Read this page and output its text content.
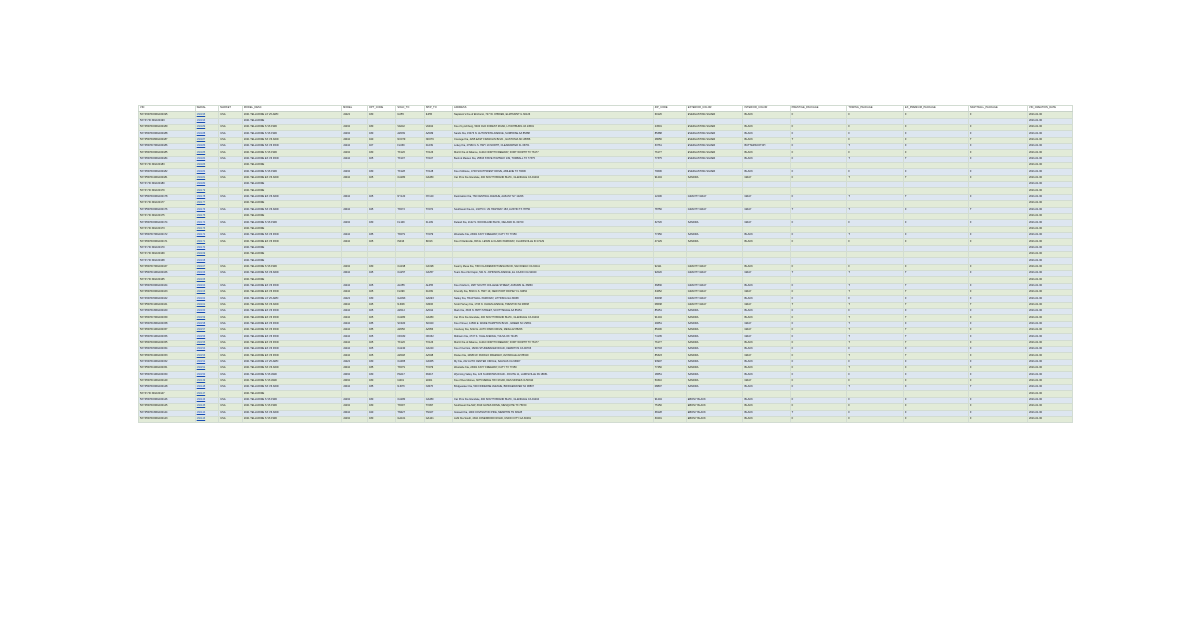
VIN	SERIAL	MARKET	MODEL_DESC	MODEL	OPT_CODE	SOLD_TO	SHIP_TO	ADDRESS	ZIP_CODE	EXTERIOR_COLOR	INTERIOR_COLOR	PRESTIGE_PACKAGE	TOWING_PACKAGE	EX_PREMIUM_PACKAGE	NIGHTFALL_PACKAGE	VIN_CREATION_DATE
5XYP2DHC6MG160195	160195	USA	2021 TELLURIDE LX V6 AWD	J4222	030	IL055	IL055	Napleton's Kia of Elmhurst, 727 W. O'BRIEN, ELMHURST IL 60126	60126	EVERLASTING SILVER	BLACK	F	F	F	F	2021-01-30
5XYP..HC MG160193	160193		2021 TELLURIDE													2021-01-30
5XYP6DHC6MG160189	160189	USA	2021 TELLURIDE S V6 FWD	J4232	030	VA042	VA042	Kia of Lynchburg, 5400 OLD FOREST ROAD, LYNCHBURG VA 24501	24501	EVERLASTING SILVER	BLACK	F	F	F	F	2021-01-30
5XYP6DHC6MG160188	160188	USA	2021 TELLURIDE S V6 FWD	J4232	030	AZ039	AZ039	Sands Kia, 15476 N. AUTOSHOW AVENUE, SURPRISE AZ 85388	85388	EVERLASTING SILVER	BLACK	F	F	F	F	2021-01-30
5XYP5DHC8MG160187	160187	USA	2021 TELLURIDE SX V6 AWD	J4042	040	NC079	NC079	Courage Kia, 4295 EAST FRANKLIN BLVD., GASTONIA NC 28056	28056	EVERLASTING SILVER	BLACK	T	F	F	T	2021-01-30
5XYP6DHC7MG160186	160186	USA	2021 TELLURIDE SX V6 FWD	J4242	027	FL039	FL039	Lokey Kia, 27960 U.S. HWY 19 NORTH, CLEARWATER FL 33761	33761	EVERLASTING SILVER	BUTTERSCOTCH	F	T	F	F	2021-01-30
5XYP6DHC6MG160185	160185	USA	2021 TELLURIDE S V6 FWD	J4232	030	TX126	TX126	Moritz Kia of Alliance, 11210 NORTH FREEWAY, FORT WORTH TX 76177	76177	EVERLASTING SILVER	BLACK	F	F	F	F	2021-01-30
5XYP6DHC6MG160184	160184	USA	2021 TELLURIDE EX V6 FWD	J4242	025	TX107	TX107	Beck & Masten Kia, 25503 STATE HIGHWAY 249, TOMBALL TX 77375	77375	EVERLASTING SILVER	BLACK	F	T	T	F	2021-01-30
5XYP..HC MG160183	160183		2021 TELLURIDE													2021-01-30
5XYP6DHC6MG160182	160182	USA	2021 TELLURIDE S V6 FWD	J4232	030	TX128	TX128	Kia of Abilene, 4703 SOUTHWEST DRIVE, ABILENE TX 79606	79606	EVERLASTING SILVER	BLACK	F	F	F	F	2021-01-30
5XYP5DHC4MG160181	160181	USA	2021 TELLURIDE EX V6 AWD	J4042	025	CA280	CA280	Car Pros Kia Glendale, 400 SOUTH BRAND BLVD., GLENDALE CA 91204	91204	SANDRA	GRAY	F	T	T	F	2021-01-30
5XYP..HC MG160180	160180		2021 TELLURIDE													2021-01-30
5XYP..HC MG160179	160179		2021 TELLURIDE													2021-01-30
5XYP5DHC0MG160178	160178	USA	2021 TELLURIDE EX V6 AWD	J4042	025	NY120	NY120	Destination Kia, 760 CENTRAL AVENUE, ALBANY NY 12206	12206	GRAVITY GRAY	GRAY	F	T	T	F	2021-01-30
5XYP..HC MG160177	160177		2021 TELLURIDE													2021-01-30
5XYP5DHC6MG160176	160176	USA	2021 TELLURIDE SX V6 AWD	J4042	045	TX072	TX072	Southwest Kia-AL, 13275 N. US HIGHWAY 183, AUSTIN TX 78750	78750	GRAVITY GRAY	GRAY	T	T	F	T	2021-01-30
5XYP..HC MG160175	160175		2021 TELLURIDE													2021-01-30
5XYP6DHC6MG160174	160174	USA	2021 TELLURIDE S V6 FWD	J4232	030	FL109	FL109	Deland Kia, 2122 S. WOODLAND BLVD., DELAND FL 32720	32720	SANDRA	GRAY	F	F	F	F	2021-01-30
5XYP..HC MG160173	160173		2021 TELLURIDE													2021-01-30
5XYP6DHC7MG160172	160172	USA	2021 TELLURIDE SX V6 FWD	J4242	035	TX079	TX079	Westside Kia, 23001 KATY FREEWAY, KATY TX 77450	77450	SANDRA	BLACK	F	T	F	F	2021-01-30
5XYP6DHC6MG160171	160171	USA	2021 TELLURIDE EX V6 FWD	J4242	025	IN016	IN016	Kia of Clarksville, 826 E. LEWIS & CLARK PARKWAY, CLARKSVILLE IN 47129	47129	SANDRA	BLACK	F	F	F	F	2021-01-30
5XYP..HC MG160170	160170		2021 TELLURIDE													2021-01-30
5XYP..HC MG160169	160169		2021 TELLURIDE													2021-01-30
5XYP..HC MG160168	160168		2021 TELLURIDE													2021-01-30
5XYP6DHC7MG160167	160167	USA	2021 TELLURIDE S V6 FWD	J4232	030	CA198	CA198	Kearny Mesa Kia, 7303 CLAIREMONT MESA BLVD, SAN DIEGO CA 92111	92111	GRAVITY GRAY	BLACK	F	F	F	F	2021-01-30
5XYP5DHC1MG160166	160166	USA	2021 TELLURIDE SX V6 AWD	J4042	045	CA257	CA257	Team Kia of El Cajon, 541 N. JOHNSON AVENUE, EL CAJON CA 92020	92020	GRAVITY GRAY	GRAY	T	T	T	F	2021-01-30
5XYP..HC MG160165	160165		2021 TELLURIDE													2021-01-30
5XYP6DHC6MG160164	160164	USA	2021 TELLURIDE EX V6 FWD	J4242	025	AL055	AL055	Kia of Auburn, 1687 SOUTH COLLEGE STREET, AUBURN AL 36830	36830	GRAVITY GRAY	BLACK	F	T	T	F	2021-01-30
5XYP6DHC6MG160163	160163	USA	2021 TELLURIDE EX V6 FWD	J4242	025	FL099	FL099	Friendly Kia, 5819 U.S. HWY 19, NEW PORT RICHEY FL 34652	34652	GRAVITY GRAY	GRAY	F	T	T	F	2021-01-30
5XYP2DHC5MG160162	160162	USA	2021 TELLURIDE LX V6 AWD	J4222	030	GA093	GA093	Nalley Kia, TRAP MALL PARKWAY, LITHONIA GA 30038	30038	GRAVITY GRAY	BLACK	F	F	F	F	2021-01-30
5XYP5DHC1MG160161	160161	USA	2021 TELLURIDE SX V6 AWD	J4042	045	NJ006	NJ006	Scott Harvey Kia, 1733 N. OLDEN AVENUE, TRENTON NJ 08638	08638	GRAVITY GRAY	GRAY	T	T	T	T	2021-01-30
5XYP6DHC3MG160160	160160	USA	2021 TELLURIDE EX V6 FWD	J4242	025	AZ012	AZ012	Mark Kia, 3333 N. 89TH STREET, SCOTTSDALE AZ 85251	85251	SANDRA	BLACK	F	F	F	F	2021-01-30
5XYP6DHC7MG160159	160159	USA	2021 TELLURIDE EX V6 FWD	J4242	025	CA280	CA280	Car Pros Kia Glendale, 400 SOUTH BRAND BLVD., GLENDALE CA 91204	91204	SANDRA	BLACK	F	T	T	F	2021-01-30
5XYP6DHC3MG160158	160158	USA	2021 TELLURIDE EX V6 FWD	J4242	035	SC020	SC020	Kia of Greer, 14500 E. WADE HAMPTON BLVD., GREER SC 29651	29651	SANDRA	GRAY	F	T	F	F	2021-01-30
5XYP6DHC1MG160157	160157	USA	2021 TELLURIDE SX V6 FWD	J4242	035	AZ056	AZ056	Courtesy Kia, 6222 E. AUTO PARK DRIVE, MESA AZ 85206	85206	SANDRA	GRAY	F	T	T	F	2021-01-30
5XYP6DHC1MG160156	160156	USA	2021 TELLURIDE EX V6 FWD	J4242	025	OK032	OK032	Midtown Kia, 4747 S. YALE AVENUE, TULSA OK 74135	74135	SANDRA	GRAY	F	T	T	F	2021-01-30
5XYP6DHC6MG160155	160155	USA	2021 TELLURIDE EX V6 FWD	J4242	025	TX126	TX126	Moritz Kia of Alliance, 11210 NORTH FREEWAY, FORT WORTH TX 76177	76177	SANDRA	BLACK	F	T	T	F	2021-01-30
5XYP6DHC5MG160154	160154	USA	2021 TELLURIDE EX V6 FWD	J4242	025	CA240	CA240	Kia of Cerritos, 18201 STUDEBAKER ROAD, CERRITOS CA 90703	90703	SANDRA	BLACK	F	F	F	F	2021-01-30
5XYP6DHC4MG160153	160153	USA	2021 TELLURIDE EX V6 FWD	J4242	025	AZ048	AZ048	Rodeo Kia, 10689 W. PAPAGO FREEWAY, AVONDALE AZ 85329	85323	SANDRA	GRAY	F	T	T	F	2021-01-30
5XYP2DHC4MG160152	160152	USA	2021 TELLURIDE LX V6 AWD	J4222	030	CA065	CA065	My Kia, 222 AUTO CENTER CIRCLE, SALINAS CA 93907	93907	SANDRA	BLACK	F	F	F	F	2021-01-30
5XYP5DHC4MG160151	160151	USA	2021 TELLURIDE SX V6 AWD	J4042	035	TX079	TX079	Westside Kia, 23001 KATY FREEWAY, KATY TX 77450	77450	SANDRA	BLACK	F	T	F	F	2021-01-30
5XYP6DHC1MG160150	160150	USA	2021 TELLURIDE S V6 AWD	J4032	030	PA017	PA017	Wyoming Valley Kia, 126 N ARROWS ROAD - ROUTE 11, LARKSVILLE PA 18651	18651	SANDRA	BLACK	F	F	F	F	2021-01-30
5XYP6DHC1MG160149	160149	USA	2021 TELLURIDE S V6 AWD	J4032	030	IA001	IA001	Kia of Des Moines, 6075 MERLE HAY ROAD, DES MOINES IA 50310	50310	SANDRA	GRAY	F	F	F	F	2021-01-30
5XYP5DHC6MG160148	160148	USA	2021 TELLURIDE SX V6 AWD	J4042	035	NJ076	NJ076	Bridgewater Kia, 500 FINDERNE AVENUE, BRIDGEWATER NJ 08807	08807	SANDRA	BLACK	F	T	F	T	2021-01-30
5XYP..HC MG160147	160147		2021 TELLURIDE													2021-01-30
5XYP6DHC6MG160146	160146	USA	2021 TELLURIDE S V6 FWD	J4232	030	CA280	CA280	Car Pros Kia Glendale, 400 SOUTH BRAND BLVD., GLENDALE CA 91204	91204	EBONY BLACK	BLACK	F	F	F	F	2021-01-30
5XYP6DHC6MG160145	160145	USA	2021 TELLURIDE S V6 FWD	J4232	030	TX097	TX097	Southwest Kia-NW, 3919 GATES DRIVE, MESQUITE TX 75150	75150	EBONY BLACK	BLACK	F	F	F	F	2021-01-30
5XYP5DHC3MG160144	160144	USA	2021 TELLURIDE SX V6 AWD	J4042	040	TN027	TN027	Gossett Kia, 1900 COVINGTON PIKE, MEMPHIS TN 38128	38128	EBONY BLACK	BLACK	T	F	F	F	2021-01-30
5XYP6DHC6MG160143	160143	USA	2021 TELLURIDE S V6 FWD	J4232	030	GA101	GA101	ALM Kia South, 4310 JONESBORO ROAD, UNION CITY GA 30291	30291	EBONY BLACK	BLACK	F	F	F	F	2021-01-30
